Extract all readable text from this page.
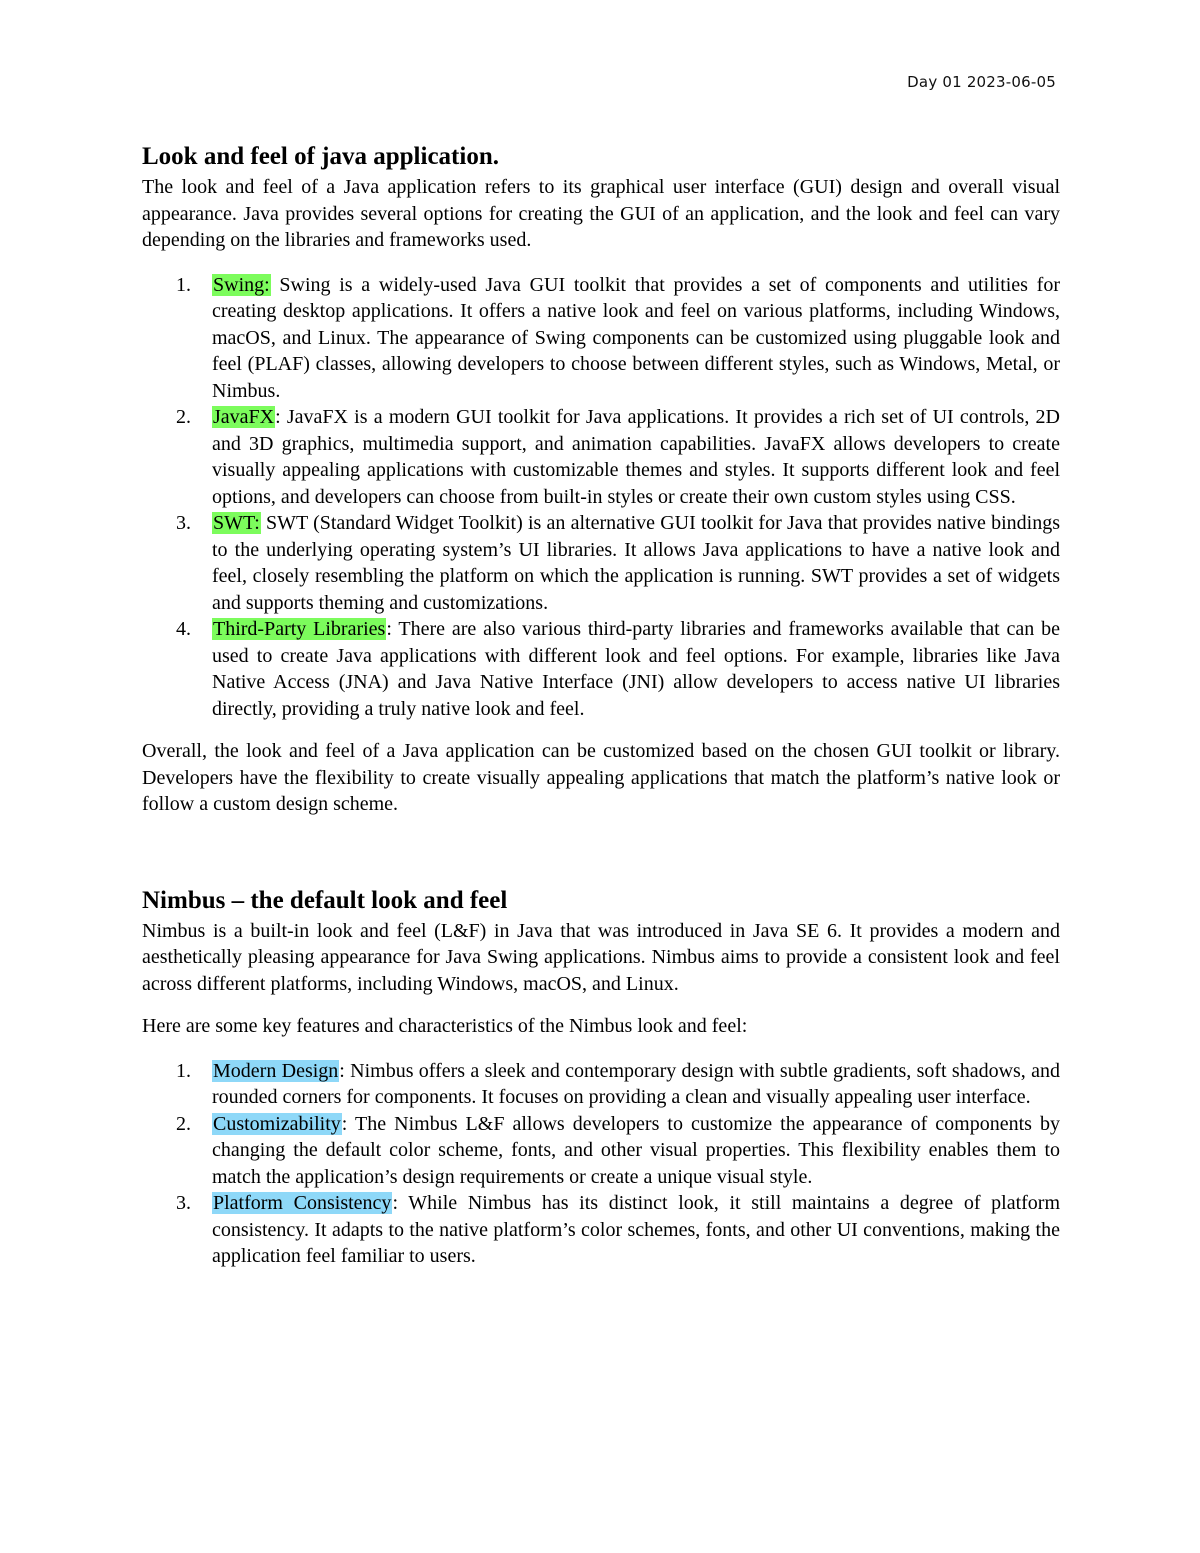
Day 01 2023-06-05
Look and feel of java application.

The look and feel of a Java application refers to its graphical user interface (GUI) design and overall visual appearance. Java provides several options for creating the GUI of an application, and the look and feel can vary depending on the libraries and frameworks used.

1. Swing: Swing is a widely-used Java GUI toolkit that provides a set of components and utilities for creating desktop applications. It offers a native look and feel on various platforms, including Windows, macOS, and Linux. The appearance of Swing components can be customized using pluggable look and feel (PLAF) classes, allowing developers to choose between different styles, such as Windows, Metal, or Nimbus.
2. JavaFX: JavaFX is a modern GUI toolkit for Java applications. It provides a rich set of UI controls, 2D and 3D graphics, multimedia support, and animation capabilities. JavaFX allows developers to create visually appealing applications with customizable themes and styles. It supports different look and feel options, and developers can choose from built-in styles or create their own custom styles using CSS.
3. SWT: SWT (Standard Widget Toolkit) is an alternative GUI toolkit for Java that provides native bindings to the underlying operating system’s UI libraries. It allows Java applications to have a native look and feel, closely resembling the platform on which the application is running. SWT provides a set of widgets and supports theming and customizations.
4. Third-Party Libraries: There are also various third-party libraries and frameworks available that can be used to create Java applications with different look and feel options. For example, libraries like Java Native Access (JNA) and Java Native Interface (JNI) allow developers to access native UI libraries directly, providing a truly native look and feel.

Overall, the look and feel of a Java application can be customized based on the chosen GUI toolkit or library. Developers have the flexibility to create visually appealing applications that match the platform’s native look or follow a custom design scheme.

Nimbus – the default look and feel

Nimbus is a built-in look and feel (L&F) in Java that was introduced in Java SE 6. It provides a modern and aesthetically pleasing appearance for Java Swing applications. Nimbus aims to provide a consistent look and feel across different platforms, including Windows, macOS, and Linux.

Here are some key features and characteristics of the Nimbus look and feel:

1. Modern Design: Nimbus offers a sleek and contemporary design with subtle gradients, soft shadows, and rounded corners for components. It focuses on providing a clean and visually appealing user interface.
2. Customizability: The Nimbus L&F allows developers to customize the appearance of components by changing the default color scheme, fonts, and other visual properties. This flexibility enables them to match the application’s design requirements or create a unique visual style.
3. Platform Consistency: While Nimbus has its distinct look, it still maintains a degree of platform consistency. It adapts to the native platform’s color schemes, fonts, and other UI conventions, making the application feel familiar to users.
